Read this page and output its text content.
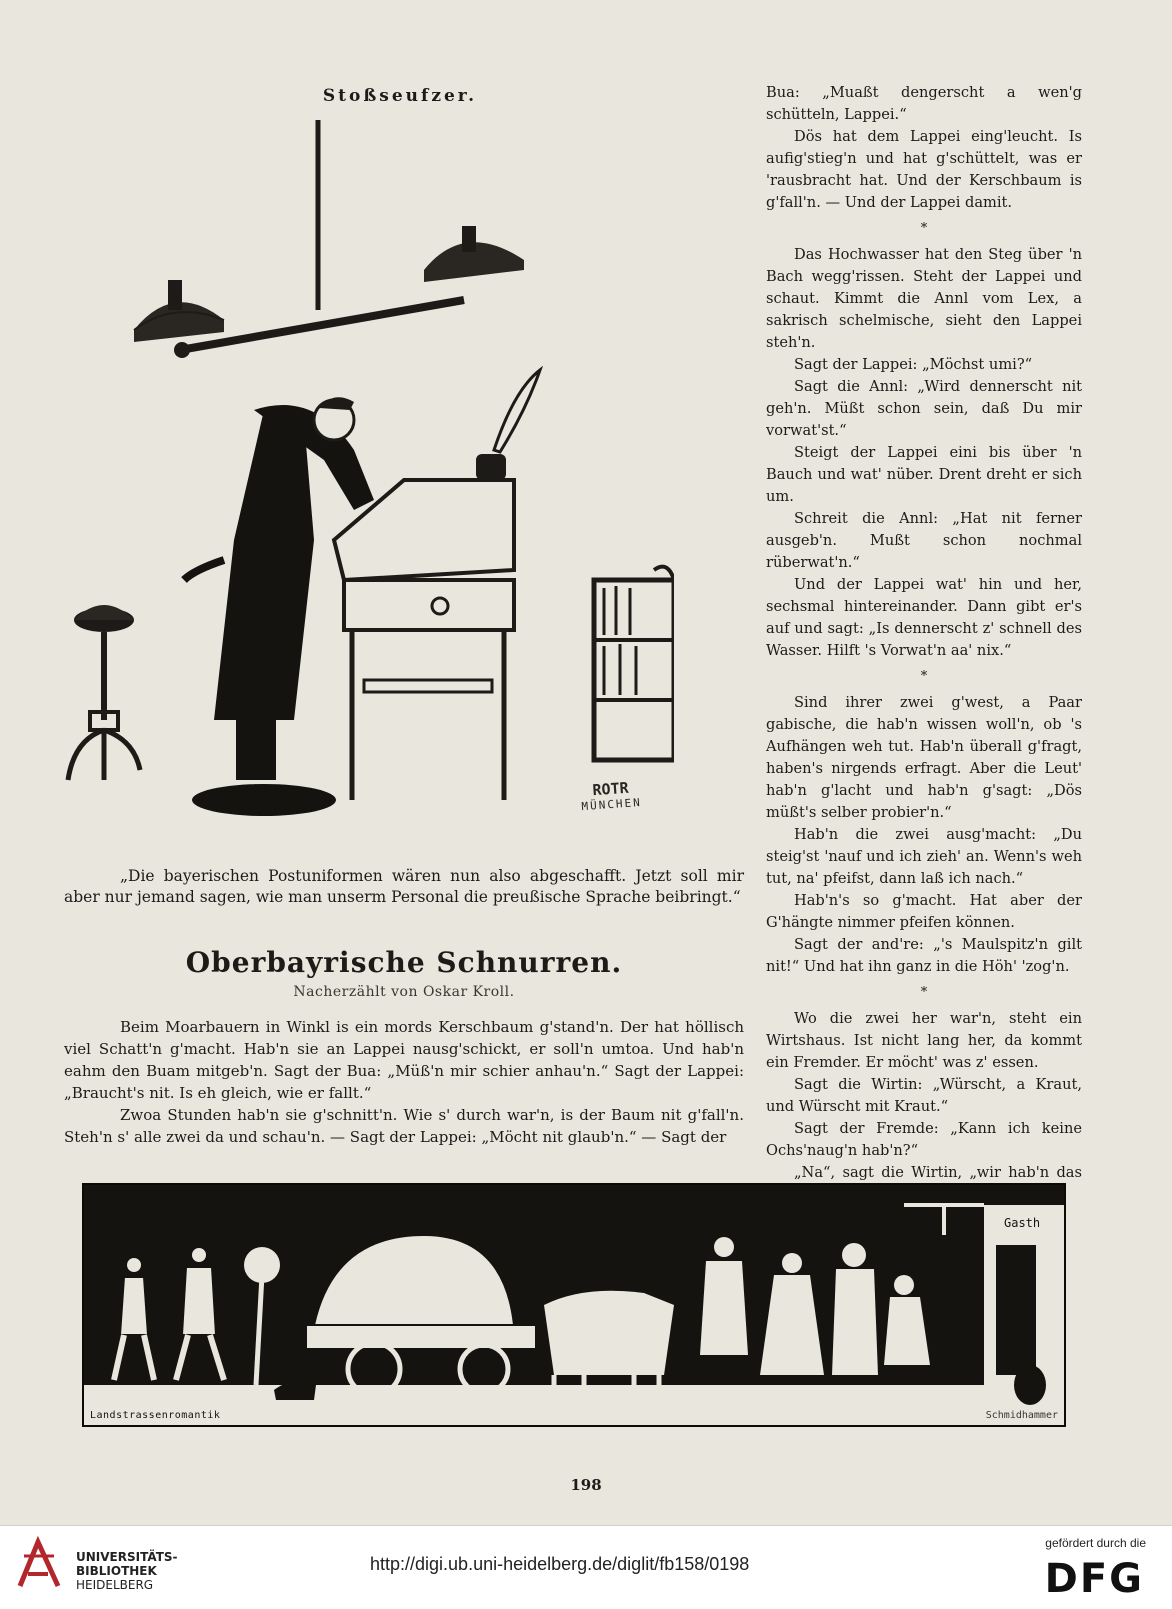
Stoßseufzer.
ROTR
MÜNCHEN
„Die bayerischen Postuniformen wären nun also abgeschafft. Jetzt soll mir aber nur jemand sagen, wie man unserm Personal die preußische Sprache beibringt.“
Oberbayrische Schnurren.
Nacherzählt von Oskar Kroll.

Beim Moarbauern in Winkl is ein mords Kerschbaum g'stand'n. Der hat höllisch viel Schatt'n g'macht. Hab'n sie an Lappei nausg'schickt, er soll'n umtoa. Und hab'n eahm den Buam mitgeb'n. Sagt der Bua: „Müß'n mir schier anhau'n.“ Sagt der Lappei: „Braucht's nit. Is eh gleich, wie er fallt.“

Zwoa Stunden hab'n sie g'schnitt'n. Wie s' durch war'n, is der Baum nit g'fall'n. Steh'n s' alle zwei da und schau'n. — Sagt der Lappei: „Möcht nit glaub'n.“ — Sagt der

Bua: „Muaßt dengerscht a wen'g schütteln, Lappei.“

Dös hat dem Lappei eing'leucht. Is aufig'stieg'n und hat g'schüttelt, was er 'rausbracht hat. Und der Kerschbaum is g'fall'n. — Und der Lappei damit.

*

Das Hochwasser hat den Steg über 'n Bach wegg'rissen. Steht der Lappei und schaut. Kimmt die Annl vom Lex, a sakrisch schelmische, sieht den Lappei steh'n.

Sagt der Lappei: „Möchst umi?“

Sagt die Annl: „Wird dennerscht nit geh'n. Müßt schon sein, daß Du mir vorwat'st.“

Steigt der Lappei eini bis über 'n Bauch und wat' nüber. Drent dreht er sich um.

Schreit die Annl: „Hat nit ferner ausgeb'n. Mußt schon nochmal rüberwat'n.“

Und der Lappei wat' hin und her, sechsmal hintereinander. Dann gibt er's auf und sagt: „Is dennerscht z' schnell des Wasser. Hilft 's Vorwat'n aa' nix.“

*

Sind ihrer zwei g'west, a Paar gabische, die hab'n wissen woll'n, ob 's Aufhängen weh tut. Hab'n überall g'fragt, haben's nirgends erfragt. Aber die Leut' hab'n g'lacht und hab'n g'sagt: „Dös müßt's selber probier'n.“

Hab'n die zwei ausg'macht: „Du steig'st 'nauf und ich zieh' an. Wenn's weh tut, na' pfeifst, dann laß ich nach.“

Hab'n's so g'macht. Hat aber der G'hängte nimmer pfeifen können.

Sagt der and're: „'s Maulspitz'n gilt nit!“ Und hat ihn ganz in die Höh' 'zog'n.

*

Wo die zwei her war'n, steht ein Wirtshaus. Ist nicht lang her, da kommt ein Fremder. Er möcht' was z' essen.

Sagt die Wirtin: „Würscht, a Kraut, und Würscht mit Kraut.“

Sagt der Fremde: „Kann ich keine Ochs'naug'n hab'n?“

„Na“, sagt die Wirtin, „wir hab'n das

Gasth
Landstrassenromantik	Schmidhammer
198
UNIVERSITÄTS-
BIBLIOTHEK
HEIDELBERG
http://digi.ub.uni-heidelberg.de/diglit/fb158/0198
gefördert durch die
DFG
